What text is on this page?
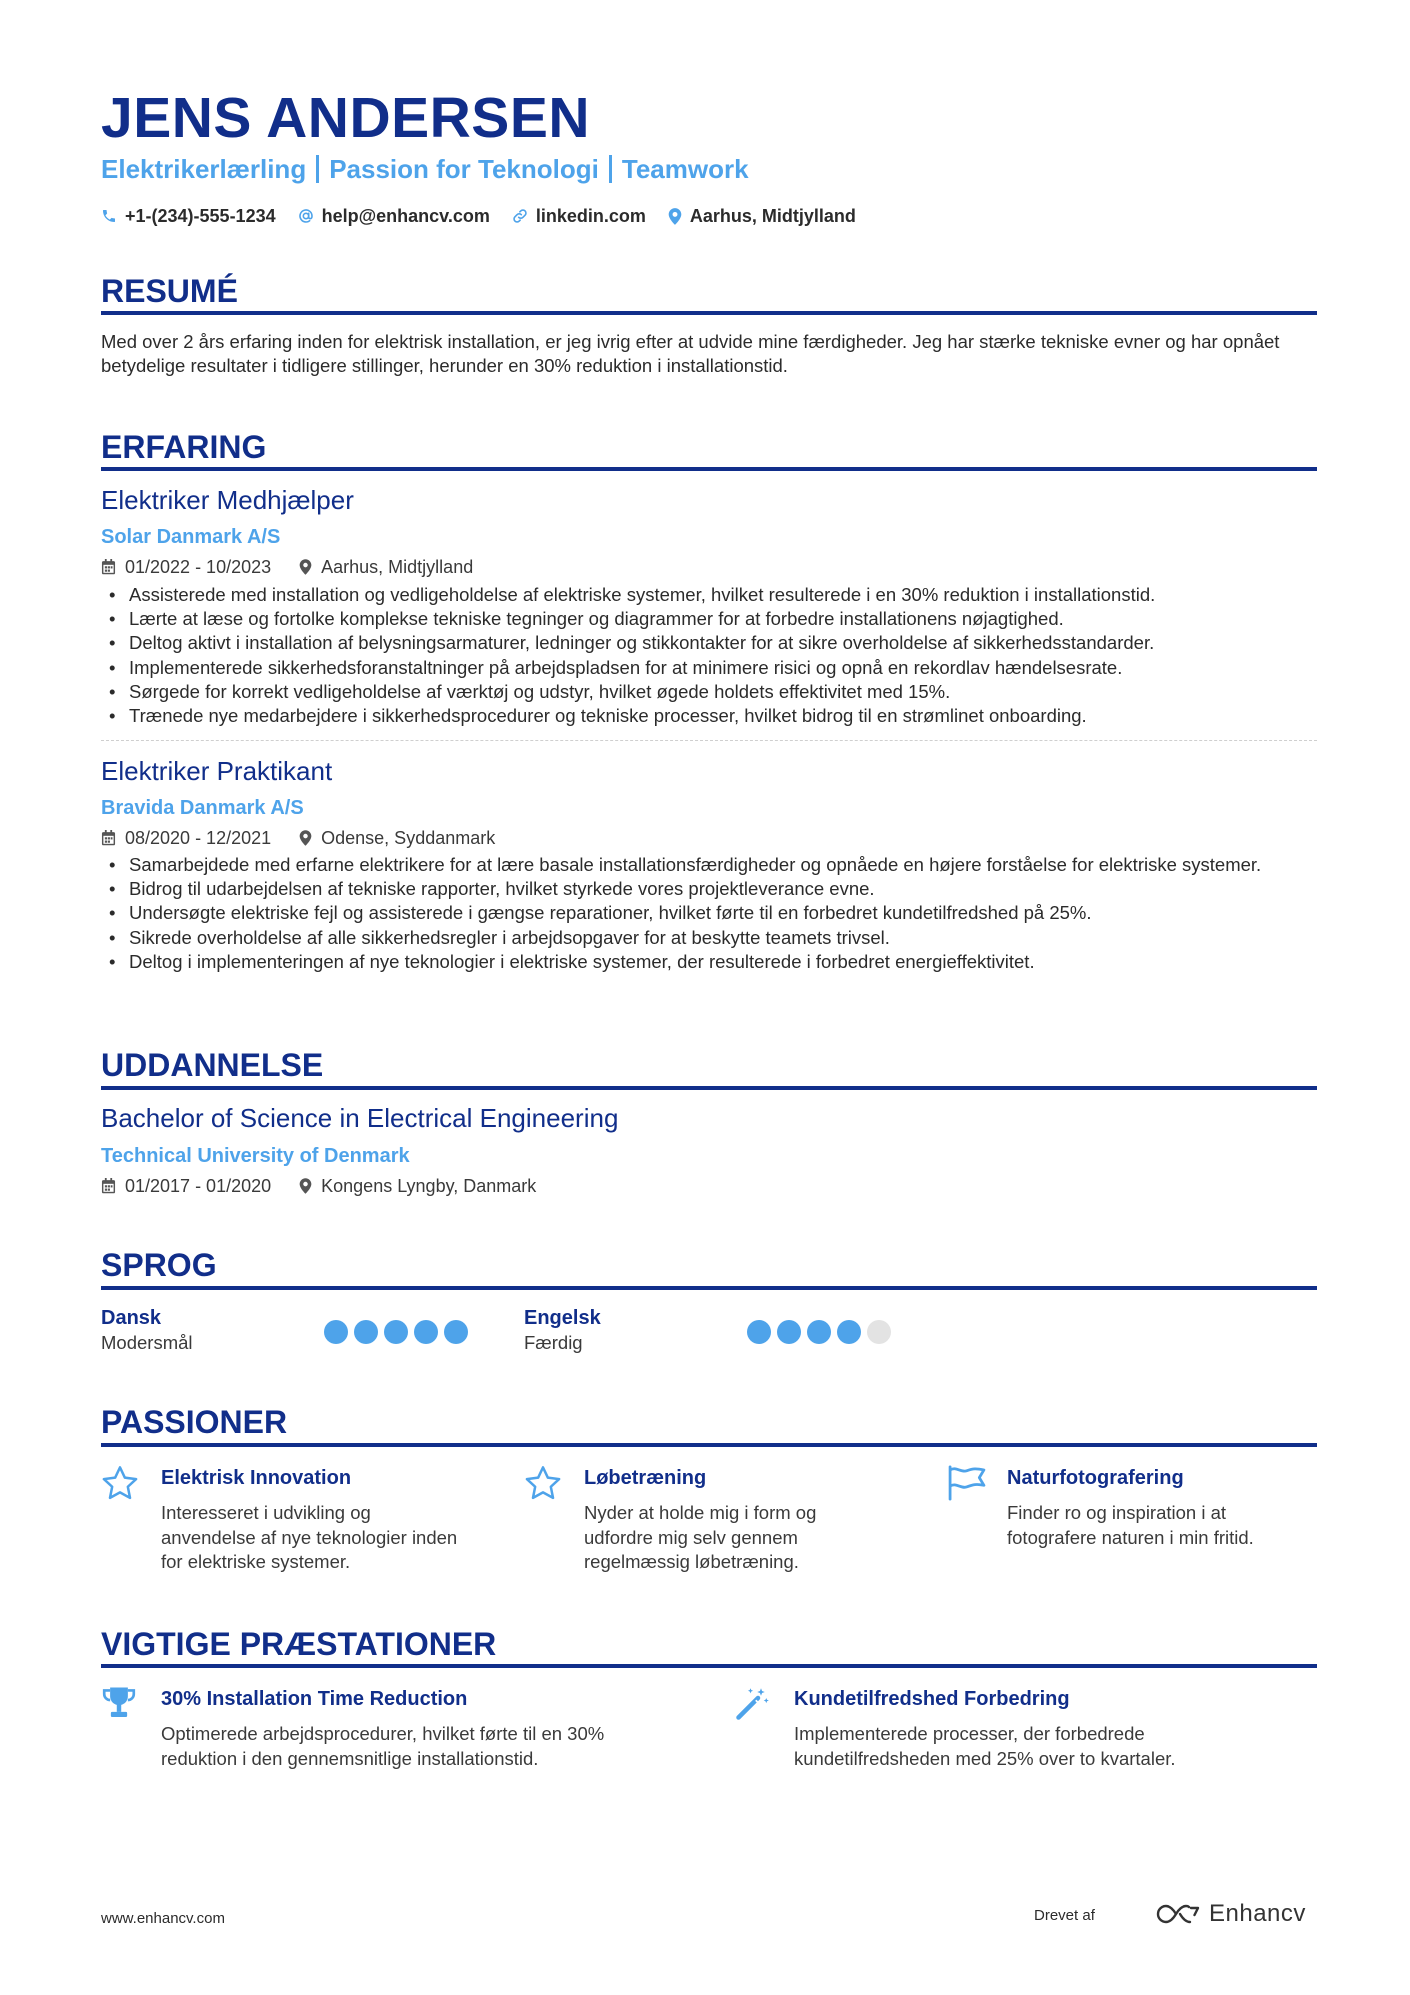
JENS ANDERSEN
Elektrikerlærling Passion for Teknologi Teamwork
+1-(234)-555-1234	help@enhancv.com	linkedin.com Aarhus, Midtjylland
RESUMÉ
Med over 2 års erfaring inden for elektrisk installation, er jeg ivrig efter at udvide mine færdigheder. Jeg har stærke tekniske evner og har opnået betydelige resultater i tidligere stillinger, herunder en 30% reduktion i installationstid.
ERFARING
Elektriker Medhjælper
Solar Danmark A/S
01/2022 - 10/2023	Aarhus, Midtjylland
• Assisterede med installation og vedligeholdelse af elektriske systemer, hvilket resulterede i en 30% reduktion i installationstid.
• Lærte at læse og fortolke komplekse tekniske tegninger og diagrammer for at forbedre installationens nøjagtighed.
• Deltog aktivt i installation af belysningsarmaturer, ledninger og stikkontakter for at sikre overholdelse af sikkerhedsstandarder.
• Implementerede sikkerhedsforanstaltninger på arbejdspladsen for at minimere risici og opnå en rekordlav hændelsesrate.
• Sørgede for korrekt vedligeholdelse af værktøj og udstyr, hvilket øgede holdets effektivitet med 15%.
• Trænede nye medarbejdere i sikkerhedsprocedurer og tekniske processer, hvilket bidrog til en strømlinet onboarding.
Elektriker Praktikant
Bravida Danmark A/S
08/2020 - 12/2021	Odense, Syddanmark
• Samarbejdede med erfarne elektrikere for at lære basale installationsfærdigheder og opnåede en højere forståelse for elektriske systemer.
• Bidrog til udarbejdelsen af tekniske rapporter, hvilket styrkede vores projektleverance evne.
• Undersøgte elektriske fejl og assisterede i gængse reparationer, hvilket førte til en forbedret kundetilfredshed på 25%.
• Sikrede overholdelse af alle sikkerhedsregler i arbejdsopgaver for at beskytte teamets trivsel.
• Deltog i implementeringen af nye teknologier i elektriske systemer, der resulterede i forbedret energieffektivitet.
UDDANNELSE
Bachelor of Science in Electrical Engineering
Technical University of Denmark
01/2017 - 01/2020	Kongens Lyngby, Danmark
SPROG
Dansk
Modersmål
Engelsk
Færdig
PASSIONER
Elektrisk Innovation
Interesseret i udvikling og anvendelse af nye teknologier inden for elektriske systemer.
Løbetræning
Nyder at holde mig i form og udfordre mig selv gennem regelmæssig løbetræning.
Naturfotografering
Finder ro og inspiration i at fotografere naturen i min fritid.
VIGTIGE PRÆSTATIONER
30% Installation Time Reduction
Optimerede arbejdsprocedurer, hvilket førte til en 30% reduktion i den gennemsnitlige installationstid.
Kundetilfredshed Forbedring
Implementerede processer, der forbedrede kundetilfredsheden med 25% over to kvartaler.
www.enhancv.com	Drevet af	Enhancv
